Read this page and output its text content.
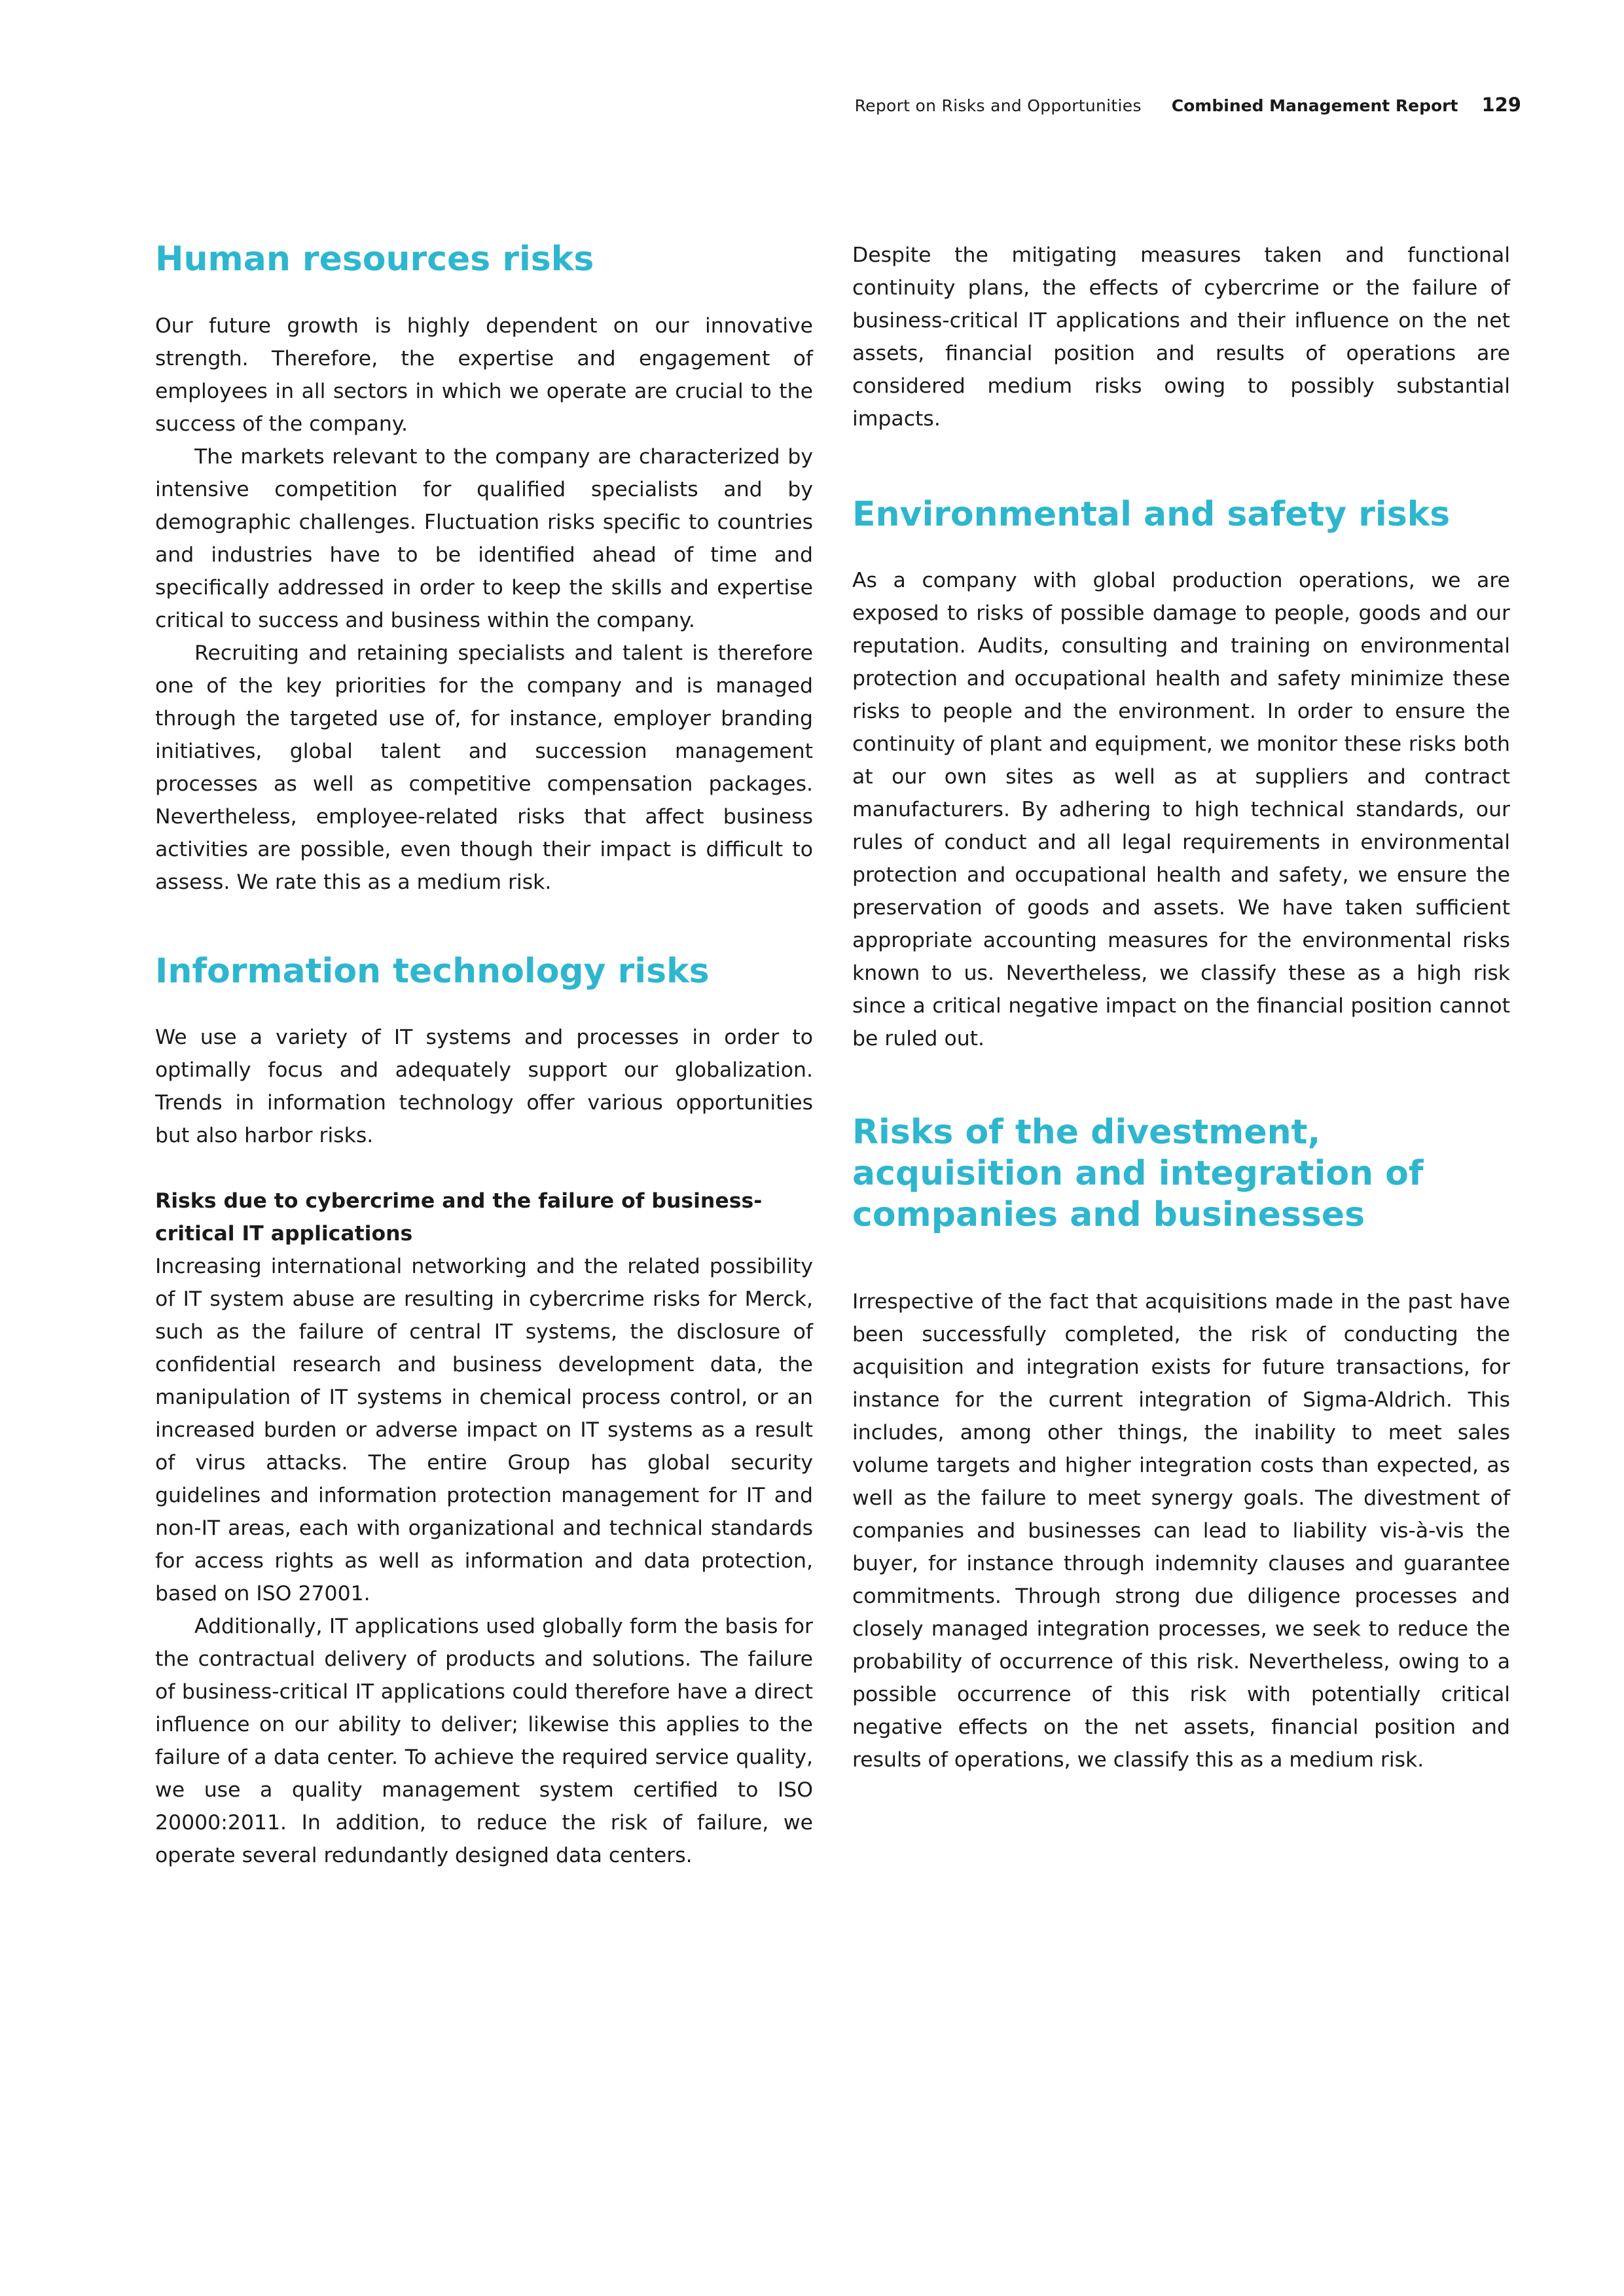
Report on Risks and Opportunities Combined Management Report 129
Human resources risks

Our future growth is highly dependent on our innovative strength. Therefore, the expertise and engagement of employees in all sectors in which we operate are crucial to the success of the company.

The markets relevant to the company are characterized by intensive competition for qualified specialists and by demographic challenges. Fluctuation risks specific to countries and industries have to be identified ahead of time and specifically addressed in order to keep the skills and expertise critical to success and business within the company.

Recruiting and retaining specialists and talent is therefore one of the key priorities for the company and is managed through the targeted use of, for instance, employer branding initiatives, global talent and succession management processes as well as competitive compensation packages. Nevertheless, employee-related risks that affect business activities are possible, even though their impact is difficult to assess. We rate this as a medium risk.

Information technology risks

We use a variety of IT systems and processes in order to optimally focus and adequately support our globalization. Trends in information technology offer various opportunities but also harbor risks.

Risks due to cybercrime and the failure of business-critical IT applications

Increasing international networking and the related possibility of IT system abuse are resulting in cybercrime risks for Merck, such as the failure of central IT systems, the disclosure of confidential research and business development data, the manipulation of IT systems in chemical process control, or an increased burden or adverse impact on IT systems as a result of virus attacks. The entire Group has global security guidelines and information protection management for IT and non-IT areas, each with organizational and technical standards for access rights as well as information and data protection, based on ISO 27001.

Additionally, IT applications used globally form the basis for the contractual delivery of products and solutions. The failure of business-critical IT applications could therefore have a direct influence on our ability to deliver; likewise this applies to the failure of a data center. To achieve the required service quality, we use a quality management system certified to ISO 20000:2011. In addition, to reduce the risk of failure, we operate several redundantly designed data centers.

Despite the mitigating measures taken and functional continuity plans, the effects of cybercrime or the failure of business-critical IT applications and their influence on the net assets, financial position and results of operations are considered medium risks owing to possibly substantial impacts.

Environmental and safety risks

As a company with global production operations, we are exposed to risks of possible damage to people, goods and our reputation. Audits, consulting and training on environmental protection and occupational health and safety minimize these risks to people and the environment. In order to ensure the continuity of plant and equipment, we monitor these risks both at our own sites as well as at suppliers and contract manufacturers. By adhering to high technical standards, our rules of conduct and all legal requirements in environmental protection and occupational health and safety, we ensure the preservation of goods and assets. We have taken sufficient appropriate accounting measures for the environmental risks known to us. Nevertheless, we classify these as a high risk since a critical negative impact on the financial position cannot be ruled out.

Risks of the divestment, acquisition and integration of companies and businesses

Irrespective of the fact that acquisitions made in the past have been successfully completed, the risk of conducting the acquisition and integration exists for future transactions, for instance for the current integration of Sigma-Aldrich. This includes, among other things, the inability to meet sales volume targets and higher integration costs than expected, as well as the failure to meet synergy goals. The divestment of companies and businesses can lead to liability vis-à-vis the buyer, for instance through indemnity clauses and guarantee commitments. Through strong due diligence processes and closely managed integration processes, we seek to reduce the probability of occurrence of this risk. Nevertheless, owing to a possible occurrence of this risk with potentially critical negative effects on the net assets, financial position and results of operations, we classify this as a medium risk.
